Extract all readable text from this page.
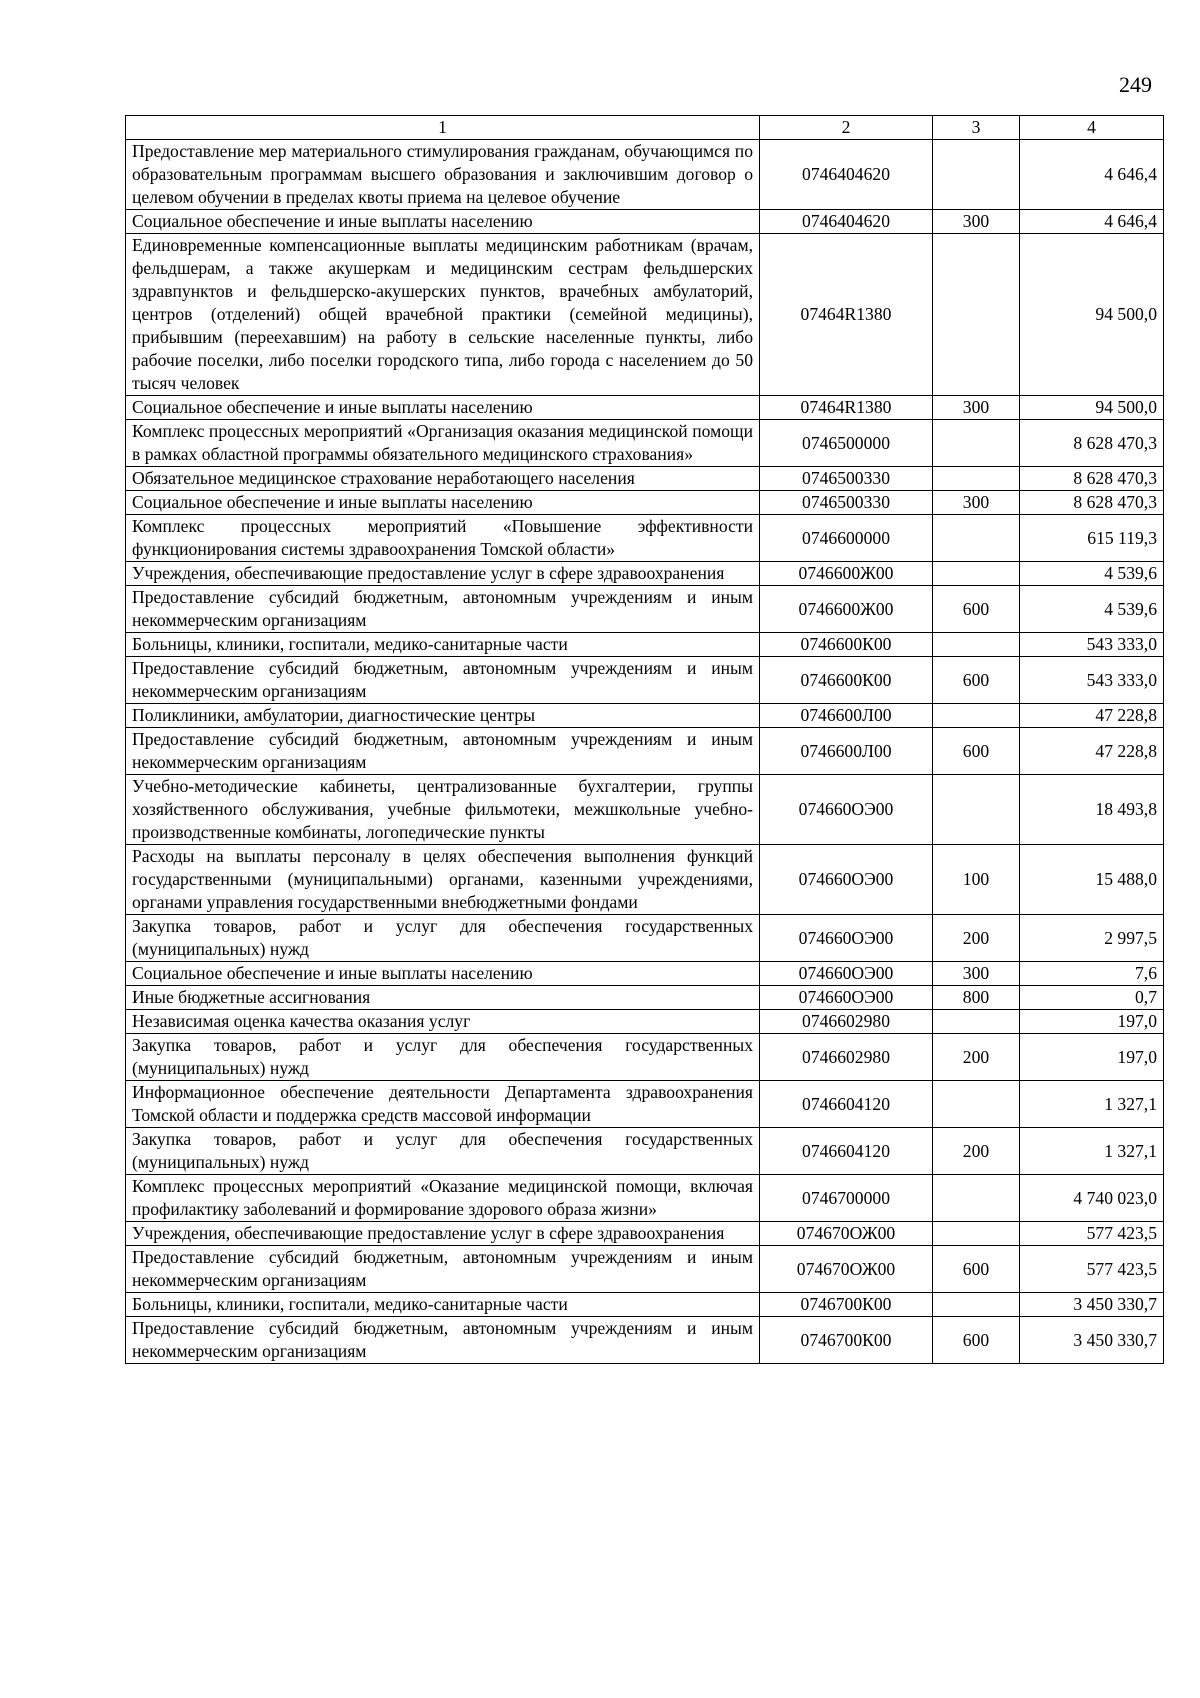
249
1	2	3	4
Предоставление мер материального стимулирования гражданам, обучающимся по образовательным программам высшего образования и заключившим договор о целевом обучении в пределах квоты приема на целевое обучение	0746404620		4 646,4
Социальное обеспечение и иные выплаты населению	0746404620	300	4 646,4
Единовременные компенсационные выплаты медицинским работникам (врачам, фельдшерам, а также акушеркам и медицинским сестрам фельдшерских здравпунктов и фельдшерско-акушерских пунктов, врачебных амбулаторий, центров (отделений) общей врачебной практики (семейной медицины), прибывшим (переехавшим) на работу в сельские населенные пункты, либо рабочие поселки, либо поселки городского типа, либо города с населением до 50 тысяч человек	07464R1380		94 500,0
Социальное обеспечение и иные выплаты населению	07464R1380	300	94 500,0
Комплекс процессных мероприятий «Организация оказания медицинской помощи в рамках областной программы обязательного медицинского страхования»	0746500000		8 628 470,3
Обязательное медицинское страхование неработающего населения	0746500330		8 628 470,3
Социальное обеспечение и иные выплаты населению	0746500330	300	8 628 470,3
Комплекс процессных мероприятий «Повышение эффективности функционирования системы здравоохранения Томской области»	0746600000		615 119,3
Учреждения, обеспечивающие предоставление услуг в сфере здравоохранения	0746600Ж00		4 539,6
Предоставление субсидий бюджетным, автономным учреждениям и иным некоммерческим организациям	0746600Ж00	600	4 539,6
Больницы, клиники, госпитали, медико-санитарные части	0746600К00		543 333,0
Предоставление субсидий бюджетным, автономным учреждениям и иным некоммерческим организациям	0746600К00	600	543 333,0
Поликлиники, амбулатории, диагностические центры	0746600Л00		47 228,8
Предоставление субсидий бюджетным, автономным учреждениям и иным некоммерческим организациям	0746600Л00	600	47 228,8
Учебно-методические кабинеты, централизованные бухгалтерии, группы хозяйственного обслуживания, учебные фильмотеки, межшкольные учебно-производственные комбинаты, логопедические пункты	074660ОЭ00		18 493,8
Расходы на выплаты персоналу в целях обеспечения выполнения функций государственными (муниципальными) органами, казенными учреждениями, органами управления государственными внебюджетными фондами	074660ОЭ00	100	15 488,0
Закупка товаров, работ и услуг для обеспечения государственных (муниципальных) нужд	074660ОЭ00	200	2 997,5
Социальное обеспечение и иные выплаты населению	074660ОЭ00	300	7,6
Иные бюджетные ассигнования	074660ОЭ00	800	0,7
Независимая оценка качества оказания услуг	0746602980		197,0
Закупка товаров, работ и услуг для обеспечения государственных (муниципальных) нужд	0746602980	200	197,0
Информационное обеспечение деятельности Департамента здравоохранения Томской области и поддержка средств массовой информации	0746604120		1 327,1
Закупка товаров, работ и услуг для обеспечения государственных (муниципальных) нужд	0746604120	200	1 327,1
Комплекс процессных мероприятий «Оказание медицинской помощи, включая профилактику заболеваний и формирование здорового образа жизни»	0746700000		4 740 023,0
Учреждения, обеспечивающие предоставление услуг в сфере здравоохранения	074670ОЖ00		577 423,5
Предоставление субсидий бюджетным, автономным учреждениям и иным некоммерческим организациям	074670ОЖ00	600	577 423,5
Больницы, клиники, госпитали, медико-санитарные части	0746700К00		3 450 330,7
Предоставление субсидий бюджетным, автономным учреждениям и иным некоммерческим организациям	0746700К00	600	3 450 330,7
